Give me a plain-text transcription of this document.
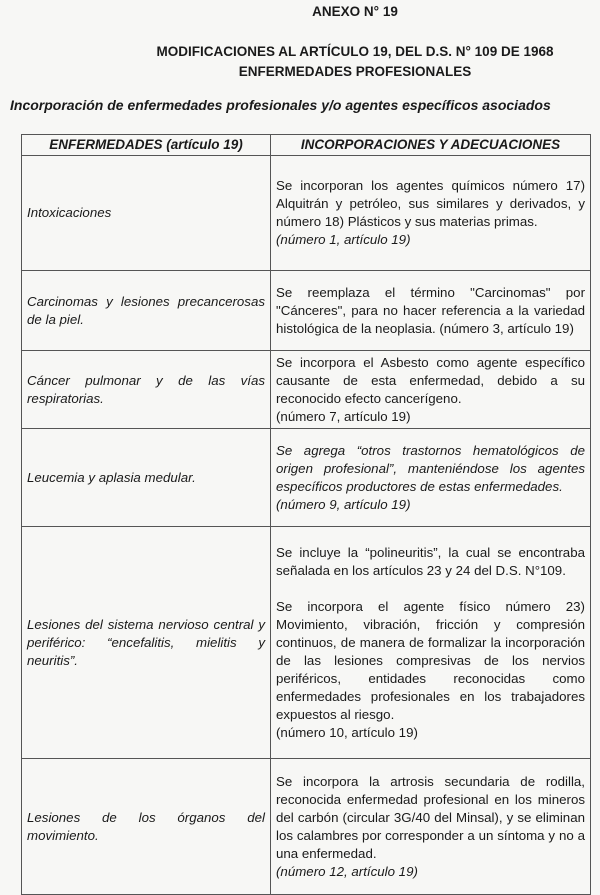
ANEXO N° 19
MODIFICACIONES AL ARTÍCULO 19, DEL D.S. N° 109 DE 1968
ENFERMEDADES PROFESIONALES
Incorporación de enfermedades profesionales y/o agentes específicos asociados
ENFERMEDADES (artículo 19)	INCORPORACIONES Y ADECUACIONES
Intoxicaciones	Se incorporan los agentes químicos número 17) Alquitrán y petróleo, sus similares y derivados, y número 18) Plásticos y sus materias primas.
(número 1, artículo 19)

Carcinomas y lesiones precancerosas de la piel.	Se reemplaza el término "Carcinomas" por "Cánceres", para no hacer referencia a la variedad histológica de la neoplasia. (número 3, artículo 19)

Cáncer pulmonar y de las vías respiratorias.	Se incorpora el Asbesto como agente específico causante de esta enfermedad, debido a su reconocido efecto cancerígeno.
(número 7, artículo 19)

Leucemia y aplasia medular.	Se agrega “otros trastornos hematológicos de origen profesional”, manteniéndose los agentes específicos productores de estas enfermedades.
(número 9, artículo 19)

Lesiones del sistema nervioso central y periférico: “encefalitis, mielitis y neuritis”.	Se incluye la “polineuritis”, la cual se encontraba señalada en los artículos 23 y 24 del D.S. N°109.
Se incorpora el agente físico número 23) Movimiento, vibración, fricción y compresión continuos, de manera de formalizar la incorporación de las lesiones compresivas de los nervios periféricos, entidades reconocidas como enfermedades profesionales en los trabajadores expuestos al riesgo.
(número 10, artículo 19)

Lesiones de los órganos del movimiento.	Se incorpora la artrosis secundaria de rodilla, reconocida enfermedad profesional en los mineros del carbón (circular 3G/40 del Minsal), y se eliminan los calambres por corresponder a un síntoma y no a una enfermedad.
(número 12, artículo 19)
